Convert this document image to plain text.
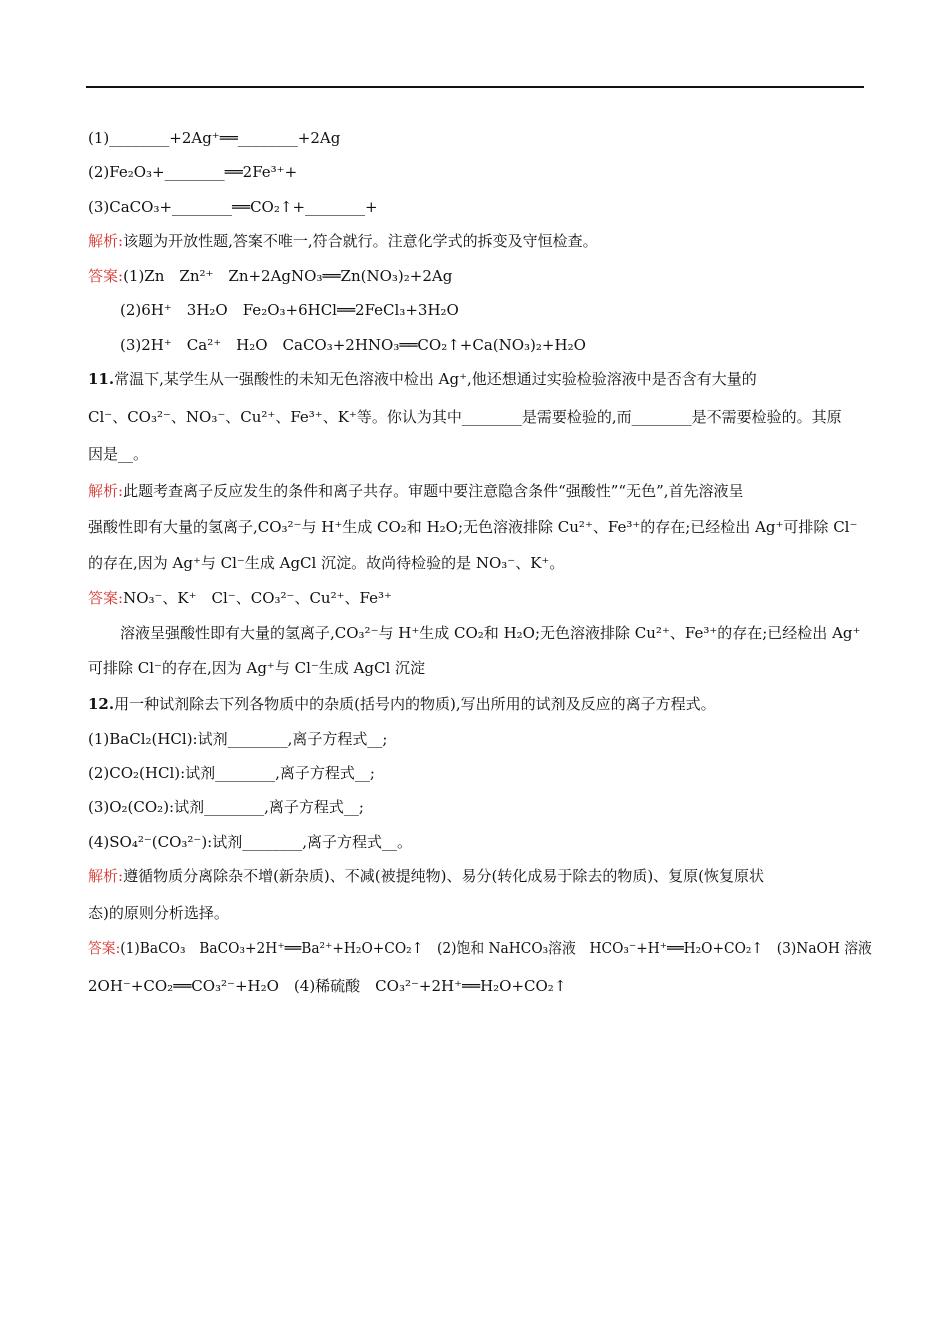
(1)________+2Ag⁺══________+2Ag
(2)Fe₂O₃+________══2Fe³⁺+
(3)CaCO₃+________══CO₂↑+________+
解析:该题为开放性题,答案不唯一,符合就行。注意化学式的拆变及守恒检查。
答案:(1)Zn　Zn²⁺　Zn+2AgNO₃══Zn(NO₃)₂+2Ag
(2)6H⁺　3H₂O　Fe₂O₃+6HCl══2FeCl₃+3H₂O
(3)2H⁺　Ca²⁺　H₂O　CaCO₃+2HNO₃══CO₂↑+Ca(NO₃)₂+H₂O
11.常温下,某学生从一强酸性的未知无色溶液中检出 Ag⁺,他还想通过实验检验溶液中是否含有大量的
Cl⁻、CO₃²⁻、NO₃⁻、Cu²⁺、Fe³⁺、K⁺等。你认为其中________是需要检验的,而________是不需要检验的。其原
因是__。
解析:此题考查离子反应发生的条件和离子共存。审题中要注意隐含条件“强酸性”“无色”,首先溶液呈
强酸性即有大量的氢离子,CO₃²⁻与 H⁺生成 CO₂和 H₂O;无色溶液排除 Cu²⁺、Fe³⁺的存在;已经检出 Ag⁺可排除 Cl⁻
的存在,因为 Ag⁺与 Cl⁻生成 AgCl 沉淀。故尚待检验的是 NO₃⁻、K⁺。
答案:NO₃⁻、K⁺　Cl⁻、CO₃²⁻、Cu²⁺、Fe³⁺
溶液呈强酸性即有大量的氢离子,CO₃²⁻与 H⁺生成 CO₂和 H₂O;无色溶液排除 Cu²⁺、Fe³⁺的存在;已经检出 Ag⁺
可排除 Cl⁻的存在,因为 Ag⁺与 Cl⁻生成 AgCl 沉淀
12.用一种试剂除去下列各物质中的杂质(括号内的物质),写出所用的试剂及反应的离子方程式。
(1)BaCl₂(HCl):试剂________,离子方程式__;
(2)CO₂(HCl):试剂________,离子方程式__;
(3)O₂(CO₂):试剂________,离子方程式__;
(4)SO₄²⁻(CO₃²⁻):试剂________,离子方程式__。
解析:遵循物质分离除杂不增(新杂质)、不减(被提纯物)、易分(转化成易于除去的物质)、复原(恢复原状
态)的原则分析选择。
答案:(1)BaCO₃　BaCO₃+2H⁺══Ba²⁺+H₂O+CO₂↑　(2)饱和 NaHCO₃溶液　HCO₃⁻+H⁺══H₂O+CO₂↑　(3)NaOH 溶液
2OH⁻+CO₂══CO₃²⁻+H₂O　(4)稀硫酸　CO₃²⁻+2H⁺══H₂O+CO₂↑
